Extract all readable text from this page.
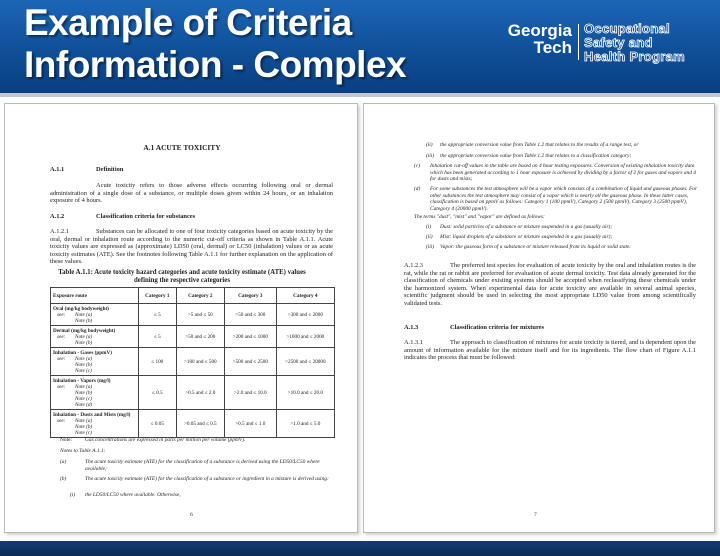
Example of Criteria
Information - Complex
Georgia
Tech
Occupational
Safety and
Health Program
A.1 ACUTE TOXICITY
A.1.1	Definition
Acute toxicity refers to those adverse effects occurring following oral or dermal administration of a single dose of a substance, or multiple doses given within 24 hours, or an inhalation exposure of 4 hours.
A.1.2	Classification criteria for substances
A.1.2.1	Substances can be allocated to one of four toxicity categories based on acute toxicity by the oral, dermal or inhalation route according to the numeric cut-off criteria as shown in Table A.1.1. Acute toxicity values are expressed as (approximate) LD50 (oral, dermal) or LC50 (inhalation) values or as acute toxicity estimates (ATE). See the footnotes following Table A.1.1 for further explanation on the application of these values.
Table A.1.1: Acute toxicity hazard categories and acute toxicity estimate (ATE) values
defining the respective categories
Exposure route	Category 1	Category 2	Category 3	Category 4

Oral (mg/kg bodyweight)
see: Note (a)
Note (b)	≤ 5	>5 and ≤ 50	>50 and ≤ 300	>300 and ≤ 2000

Dermal (mg/kg bodyweight)
see: Note (a)
Note (b)	≤ 5	>50 and ≤ 200	>200 and ≤ 1000	>1000 and ≤ 2000

Inhalation - Gases (ppmV)
see: Note (a)
Note (b)
Note (c)	≤ 100	>100 and ≤ 500	>500 and ≤ 2500	>2500 and ≤ 20000

Inhalation - Vapors (mg/l)
see: Note (a)
Note (b)
Note (c)
Note (d)	≤ 0.5	>0.5 and ≤ 2.0	>2.0 and ≤ 10.0	>10.0 and ≤ 20.0

Inhalation - Dusts and Mists (mg/l)
see: Note (a)
Note (b)
Note (c)	≤ 0.05	>0.05 and ≤ 0.5	>0.5 and ≤ 1.0	>1.0 and ≤ 5.0
Note: Gas concentrations are expressed in parts per million per volume (ppmV).
Notes to Table A.1.1:
(a)	The acute toxicity estimate (ATE) for the classification of a substance is derived using the LD50/LC50 where available;
(b)	The acute toxicity estimate (ATE) for the classification of a substance or ingredient in a mixture is derived using:
(i) the LD50/LC50 where available. Otherwise,
6
(ii) the appropriate conversion value from Table 1.2 that relates to the results of a range test, or
(iii) the appropriate conversion value from Table 1.2 that relates to a classification category;
(c) Inhalation cut-off values in the table are based on 4 hour testing exposures. Conversion of existing inhalation toxicity data which has been generated according to 1 hour exposure is achieved by dividing by a factor of 2 for gases and vapors and 4 for dusts and mists;
(d) For some substances the test atmosphere will be a vapor which consists of a combination of liquid and gaseous phases. For other substances the test atmosphere may consist of a vapor which is nearly all the gaseous phase. In these latter cases, classification is based on ppmV as follows: Category 1 (100 ppmV), Category 2 (500 ppmV), Category 3 (2500 ppmV), Category 4 (20000 ppmV).
The terms "dust", "mist" and "vapor" are defined as follows:
(i) Dust: solid particles of a substance or mixture suspended in a gas (usually air);
(ii) Mist: liquid droplets of a substance or mixture suspended in a gas (usually air);
(iii) Vapor: the gaseous form of a substance or mixture released from its liquid or solid state.
A.1.2.3	The preferred test species for evaluation of acute toxicity by the oral and inhalation routes is the rat, while the rat or rabbit are preferred for evaluation of acute dermal toxicity. Test data already generated for the classification of chemicals under existing systems should be accepted when reclassifying these chemicals under the harmonized system. When experimental data for acute toxicity are available in several animal species, scientific judgment should be used in selecting the most appropriate LD50 value from among scientifically validated tests.
A.1.3	Classification criteria for mixtures
A.1.3.1	The approach to classification of mixtures for acute toxicity is tiered, and is dependent upon the amount of information available for the mixture itself and for its ingredients. The flow chart of Figure A.1.1 indicates the process that must be followed:
7
